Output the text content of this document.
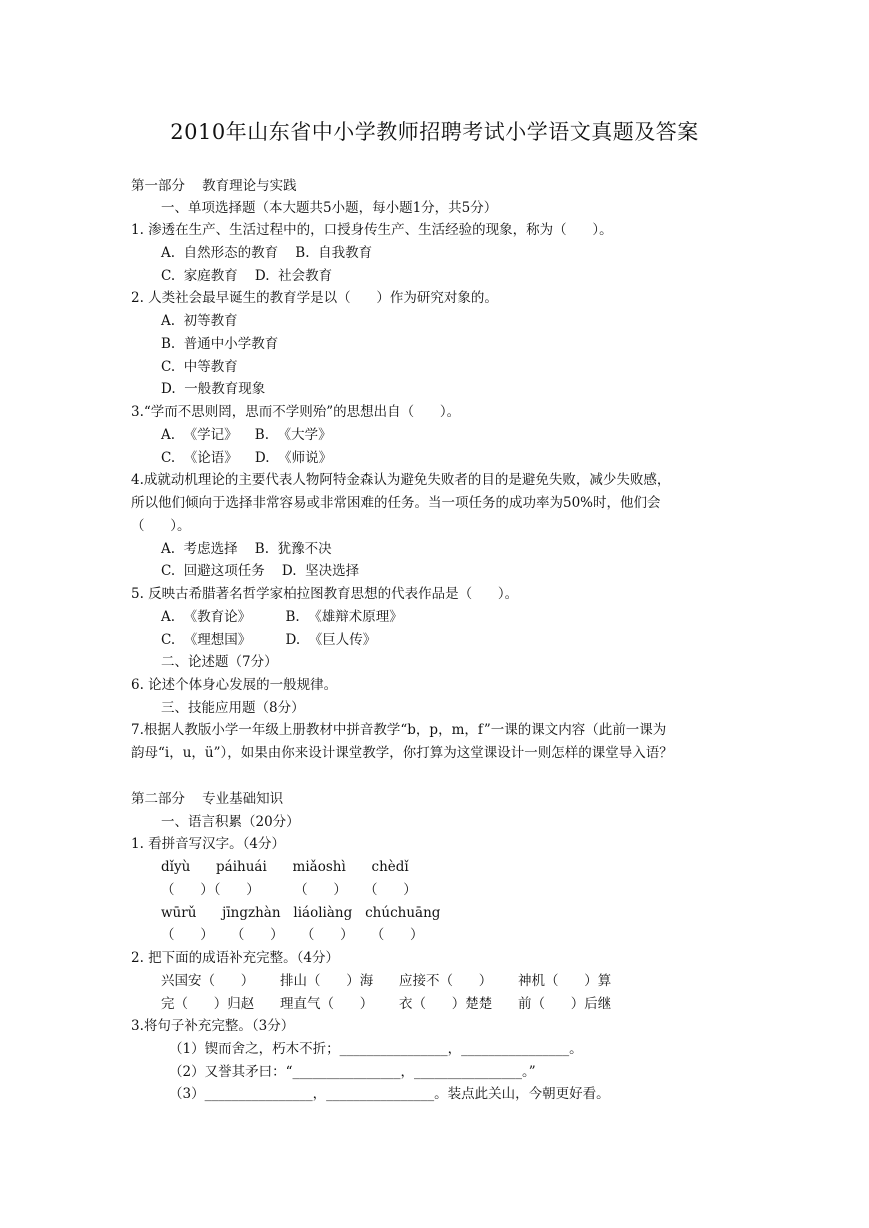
2010年山东省中小学教师招聘考试小学语文真题及答案
第一部分    教育理论与实践
一、单项选择题（本大题共5小题，每小题1分，共5分）
1. 渗透在生产、生活过程中的，口授身传生产、生活经验的现象，称为（      ）。
A.  自然形态的教育    B.  自我教育
C.  家庭教育    D.  社会教育
2. 人类社会最早诞生的教育学是以（      ）作为研究对象的。
A.  初等教育
B.  普通中小学教育
C.  中等教育
D.  一般教育现象
3.“学而不思则罔，思而不学则殆”的思想出自（      ）。
A.  《学记》    B.  《大学》
C.  《论语》    D.  《师说》
4.成就动机理论的主要代表人物阿特金森认为避免失败者的目的是避免失败，减少失败感，
所以他们倾向于选择非常容易或非常困难的任务。当一项任务的成功率为50%时，他们会
（      ）。
A.  考虑选择    B.  犹豫不决
C.  回避这项任务    D.  坚决选择
5. 反映古希腊著名哲学家柏拉图教育思想的代表作品是（      ）。
A.  《教育论》        B.  《雄辩术原理》
C.  《理想国》        D.  《巨人传》
二、论述题（7分）
6. 论述个体身心发展的一般规律。
三、技能应用题（8分）
7.根据人教版小学一年级上册教材中拼音教学“b，p，m，f”一课的课文内容（此前一课为
韵母“i，u，ü”），如果由你来设计课堂教学，你打算为这堂课设计一则怎样的课堂导入语？
第二部分    专业基础知识
一、语言积累（20分）
1. 看拼音写汉字。（4分）
dǐyù      páihuái      miǎoshì      chèdǐ
（      ）（      ）        （      ）    （      ）
wūrǔ      jīngzhàn   liáoliàng   chúchuāng
（      ）    （      ）    （      ）    （      ）
2. 把下面的成语补充完整。（4分）
兴国安（      ）      排山（      ）海      应接不（      ）      神机（      ）算
完（      ）归赵      理直气（      ）      衣（      ）楚楚      前（      ）后继
3.将句子补充完整。（3分）
（1）锲而舍之，朽木不折；________________，________________。
（2）又誉其矛曰：“________________，________________。”
（3）________________，________________。装点此关山，今朝更好看。
